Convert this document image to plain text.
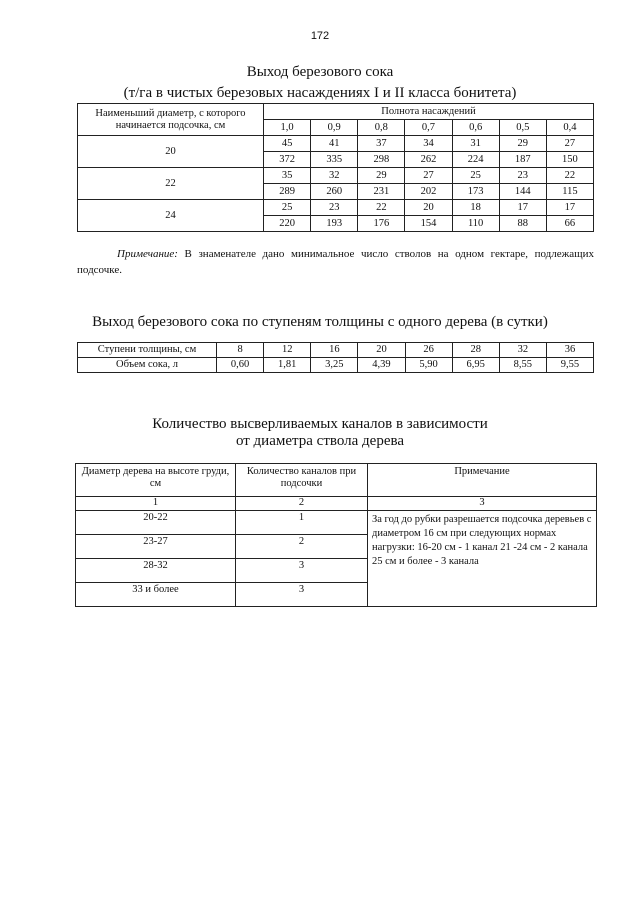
172
Выход березового сока
(т/га в чистых березовых насаждениях I и II класса бонитета)
Наименьший диаметр, с которого начинается подсочка, см	Полнота насаждений						
	1,0	0,9	0,8	0,7	0,6	0,5	0,4
20	45	41	37	34	31	29	27
	372	335	298	262	224	187	150
22	35	32	29	27	25	23	22
	289	260	231	202	173	144	115
24	25	23	22	20	18	17	17
	220	193	176	154	110	88	66
Примечание: В знаменателе дано минимальное число стволов на одном гектаре, подлежащих подсочке.
Выход березового сока по ступеням толщины с одного дерева (в сутки)
Ступени толщины, см	8	12	16	20	26	28	32	36
Объем сока, л	0,60	1,81	3,25	4,39	5,90	6,95	8,55	9,55
Количество высверливаемых каналов в зависимости
от диаметра ствола дерева
Диаметр дерева на высоте груди, см	Количество каналов при подсочки	Примечание
1	2	3
20-22	1	За год до рубки разрешается подсочка деревьев с диаметром 16 см при следующих нормах нагрузки: 16-20 см - 1 канал 21 -24 см - 2 канала 25 см и более - 3 канала
23-27	2	
28-32	3	
33 и более	3	
